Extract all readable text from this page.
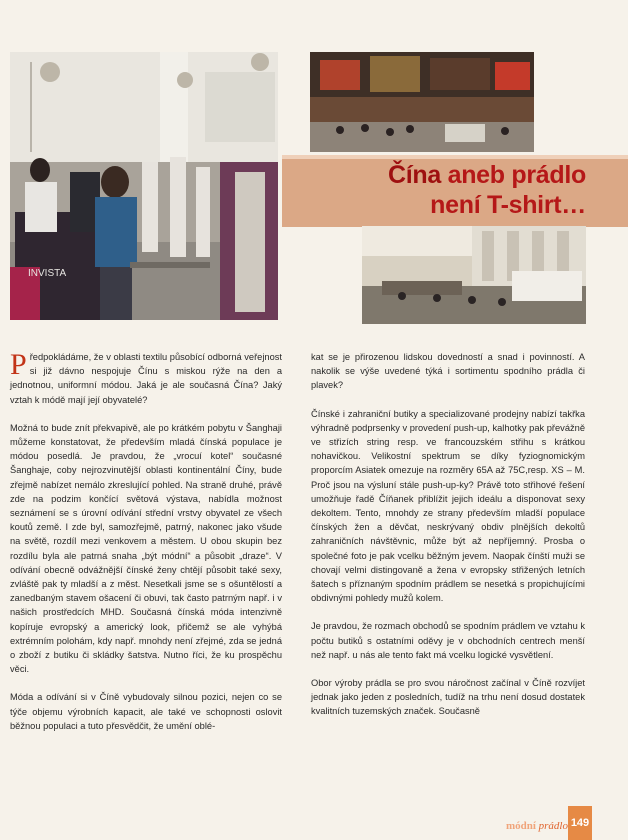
INVISTA
Čína aneb prádlo
není T-shirt…

Předpokládáme, že v oblasti textilu působící odborná veřejnost si již dávno nespojuje Čínu s miskou rýže na den a jednotnou, uniformní módou. Jaká je ale současná Čína? Jaký vztah k módě mají její obyvatelé?

Možná to bude znít překvapivě, ale po krátkém pobytu v Šanghaji můžeme konstatovat, že především mladá čínská populace je módou posedlá. Je pravdou, že „vrocuí kotel“ současné Šanghaje, coby nejrozvinutější oblasti kontinentální Číny, bude zřejmě nabízet nemálo zkreslující pohled. Na straně druhé, právě zde na podzim končící světová výstava, nabídla možnost seznámení se s úrovní odívání střední vrstvy obyvatel ze všech koutů země. I zde byl, samozřejmě, patrný, nakonec jako všude na světě, rozdíl mezi venkovem a městem. U obou skupin bez rozdílu byla ale patrná snaha „být módní“ a působit „draze“. V odívání obecně odvážnější čínské ženy chtějí působit také sexy, zvláště pak ty mladší a z měst. Nesetkali jsme se s ošuntělostí a zanedbaným stavem ošacení či obuvi, tak často patrným např. i v našich prostředcích MHD. Současná čínská móda intenzivně kopíruje evropský a americký look, přičemž se ale vyhýbá extrémním polohám, kdy např. mnohdy není zřejmé, zda se jedná o zboží z butiku či skládky šatstva. Nutno říci, že ku prospěchu věci.

Móda a odívání si v Číně vybudovaly silnou pozici, nejen co se týče objemu výrobních kapacit, ale také ve schopnosti oslovit běžnou populaci a tuto přesvědčit, že umění oblé-

kat se je přirozenou lidskou dovedností a snad i povinností. A nakolik se výše uvedené týká i sortimentu spodního prádla či plavek?

Čínské i zahraniční butiky a specializované prodejny nabízí takřka výhradně podprsenky v provedení push-up, kalhotky pak převážně ve střizích string resp. ve francouzském střihu s krátkou nohavičkou. Velikostní spektrum se díky fyziognomickým proporcím Asiatek omezuje na rozměry 65A až 75C,resp. XS – M. Proč jsou na výsluní stále push-up-ky? Právě toto střihové řešení umožňuje řadě Číňanek přiblížit jejich ideálu a disponovat sexy dekoltem. Tento, mnohdy ze strany především mladší populace čínských žen a děvčat, neskrývaný obdiv plnějších dekoltů zahraničních návštěvnic, může být až nepříjemný. Prosba o společné foto je pak vcelku běžným jevem. Naopak čínští muži se chovají velmi distingovaně a žena v evropsky střižených letních šatech s příznaným spodním prádlem se nesetká s propichujícími obdivnými pohledy mužů kolem.

Je pravdou, že rozmach obchodů se spodním prádlem ve vztahu k počtu butiků s ostatními oděvy je v obchodních centrech menší než např. u nás ale tento fakt má vcelku logické vysvětlení.

Obor výroby prádla se pro svou náročnost začínal v Číně rozvíjet jednak jako jeden z posledních, tudíž na trhu není dosud dostatek kvalitních tuzemských značek. Současně

módní prádlo 149
